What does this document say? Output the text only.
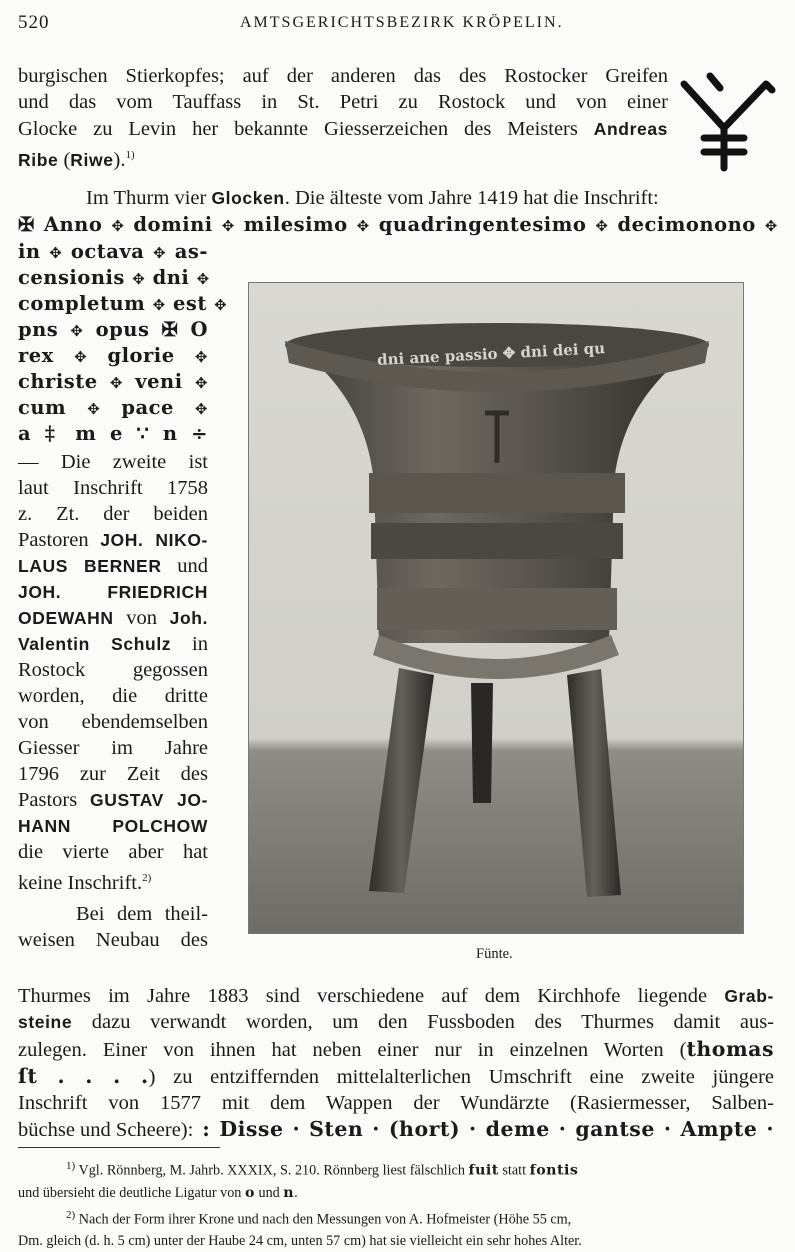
520	AMTSGERICHTSBEZIRK KRÖPELIN.
burgischen Stierkopfes; auf der anderen das des Rostocker Greifen
und das vom Tauffass in St. Petri zu Rostock und von einer
Glocke zu Levin her bekannte Giesserzeichen des Meisters Andreas
Ribe (Riwe).$^{1)}$
Im Thurm vier Glocken. Die älteste vom Jahre 1419 hat die Inschrift:
✠ Anno ✥ domini ✥ milesimo ✥ quadringentesimo ✥ decimonono ✥
in ✥ octava ✥ as-
censionis ✥ dni ✥
completum ✥ est ✥
pns ✥ opus ✠ O
rex ✥ glorie ✥
christe ✥ veni ✥
cum ✥ pace ✥
a ‡ m e ∵ n ÷
— Die zweite ist
laut Inschrift 1758
z. Zt. der beiden
Pastoren JOH. NIKO-
LAUS BERNER und
JOH. FRIEDRICH
ODEWAHN von Joh.
Valentin Schulz in
Rostock gegossen
worden, die dritte
von ebendemselben
Giesser im Jahre
1796 zur Zeit des
Pastors GUSTAV JO-
HANN POLCHOW
die vierte aber hat
keine Inschrift.$^{2)}$
Bei dem theil-
weisen Neubau des
dni ane passio ✥ dni dei qu
Fünte.
Thurmes im Jahre 1883 sind verschiedene auf dem Kirchhofe liegende Grab-
steine dazu verwandt worden, um den Fussboden des Thurmes damit aus-
zulegen. Einer von ihnen hat neben einer nur in einzelnen Worten (thomas
ſt . . . .) zu entziffernden mittelalterlichen Umschrift eine zweite jüngere
Inschrift von 1577 mit dem Wappen der Wundärzte (Rasiermesser, Salben-
büchse und Scheere): : Disse · Sten · (hort) · deme · gantse · Ampte ·
$^{1)}$ Vgl. Rönnberg, M. Jahrb. XXXIX, S. 210. Rönnberg liest fälschlich fuit statt fontis
und übersieht die deutliche Ligatur von o und n.
$^{2)}$ Nach der Form ihrer Krone und nach den Messungen von A. Hofmeister (Höhe 55 cm,
Dm. gleich (d. h. 5 cm) unter der Haube 24 cm, unten 57 cm) hat sie vielleicht ein sehr hohes Alter.
